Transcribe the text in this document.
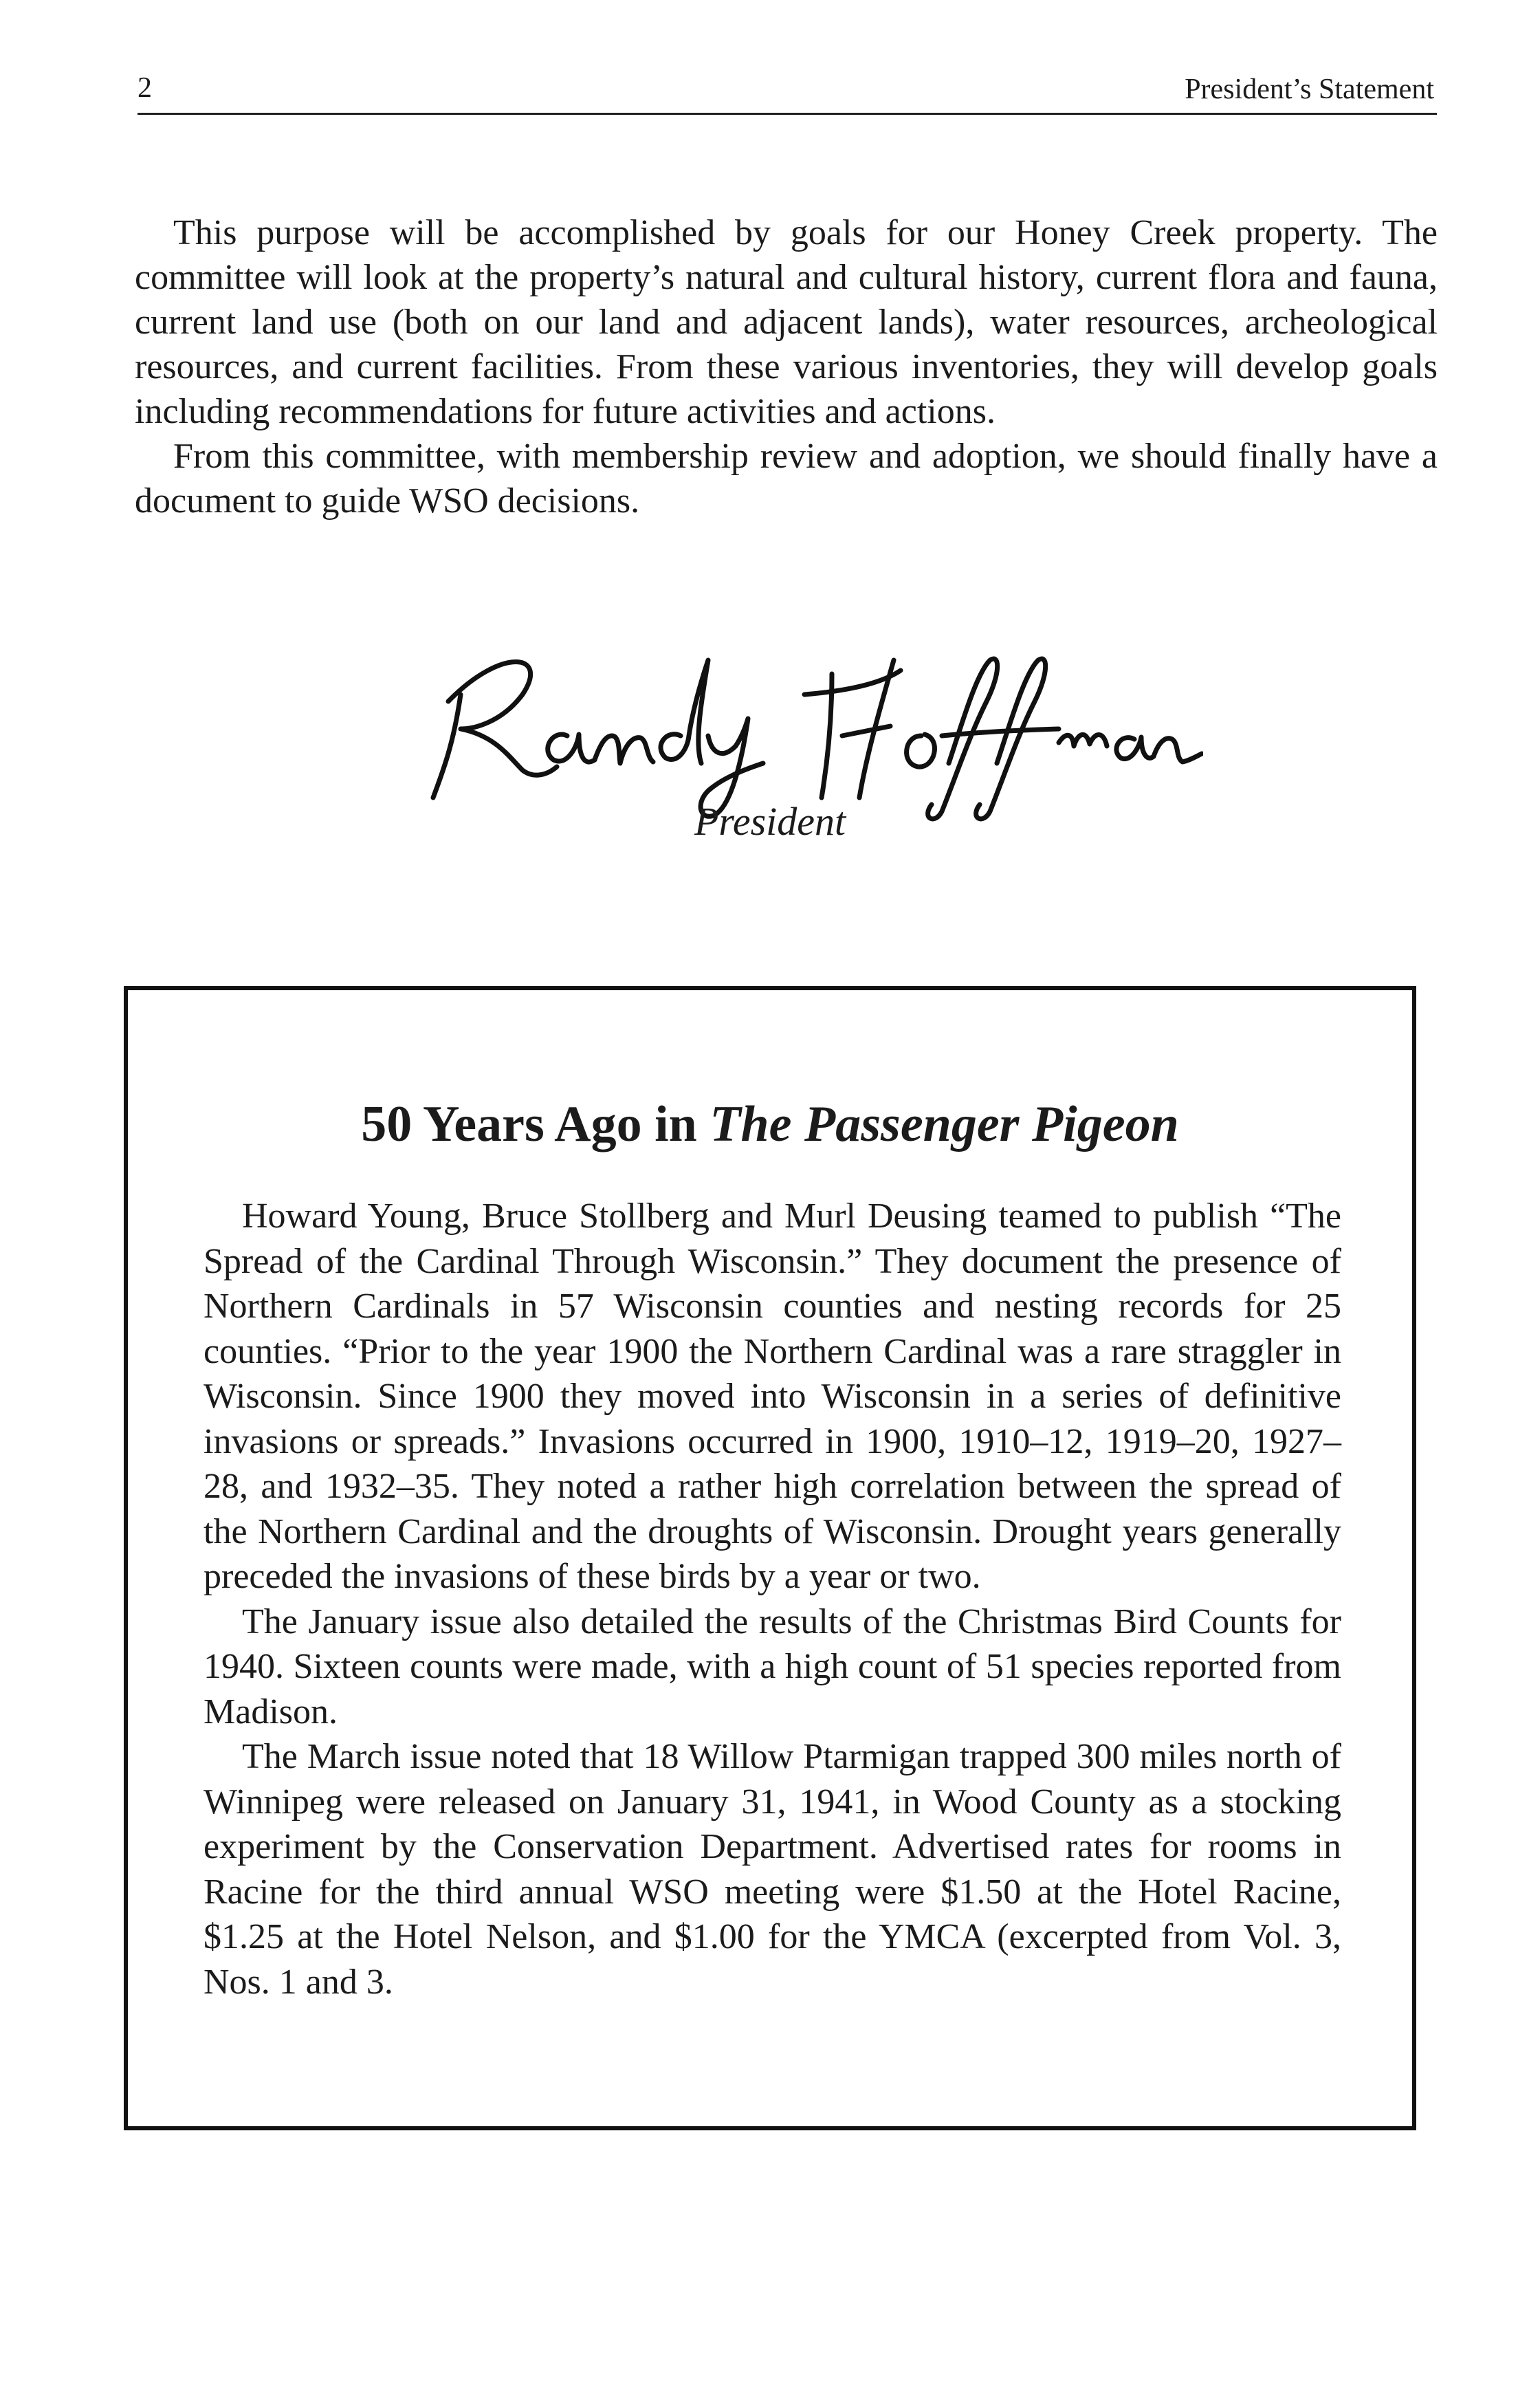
2	President’s Statement

This purpose will be accomplished by goals for our Honey Creek property. The committee will look at the property’s natural and cultural history, current flora and fauna, current land use (both on our land and adjacent lands), water resources, archeological resources, and current facilities. From these various inventories, they will develop goals including recommendations for future activities and actions.

From this committee, with membership review and adoption, we should finally have a document to guide WSO decisions.

President
50 Years Ago in The Passenger Pigeon

Howard Young, Bruce Stollberg and Murl Deusing teamed to publish “The Spread of the Cardinal Through Wisconsin.” They document the presence of Northern Cardinals in 57 Wisconsin counties and nesting records for 25 counties. “Prior to the year 1900 the Northern Cardinal was a rare straggler in Wisconsin. Since 1900 they moved into Wisconsin in a series of definitive invasions or spreads.” Invasions occurred in 1900, 1910–12, 1919–20, 1927–28, and 1932–35. They noted a rather high correlation between the spread of the Northern Cardinal and the droughts of Wisconsin. Drought years generally preceded the invasions of these birds by a year or two.

The January issue also detailed the results of the Christmas Bird Counts for 1940. Sixteen counts were made, with a high count of 51 species reported from Madison.

The March issue noted that 18 Willow Ptarmigan trapped 300 miles north of Winnipeg were released on January 31, 1941, in Wood County as a stocking experiment by the Conservation Department. Advertised rates for rooms in Racine for the third annual WSO meeting were $1.50 at the Hotel Racine, $1.25 at the Hotel Nelson, and $1.00 for the YMCA (excerpted from Vol. 3, Nos. 1 and 3.
